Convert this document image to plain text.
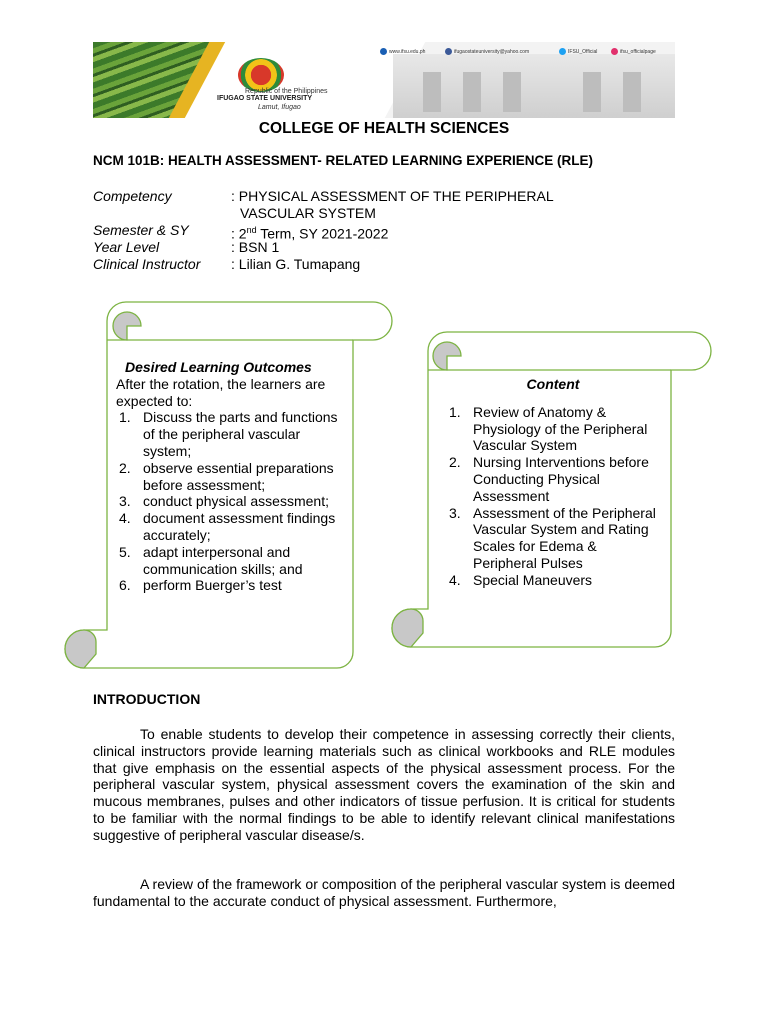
Republic of the Philippines
IFUGAO STATE UNIVERSITY
Lamut, Ifugao
www.ifsu.edu.ph	ifugaostateuniversity@yahoo.com	IFSU_Official	ifsu_officialpage
COLLEGE OF HEALTH SCIENCES
NCM 101B: HEALTH ASSESSMENT- RELATED LEARNING EXPERIENCE (RLE)
Competency	: PHYSICAL ASSESSMENT OF THE PERIPHERAL
VASCULAR SYSTEM
Semester & SY	: 2nd Term, SY 2021-2022
Year Level	: BSN 1
Clinical Instructor : Lilian G. Tumapang
Desired Learning Outcomes
After the rotation, the learners are expected to:
1. Discuss the parts and functions of the peripheral vascular system;
2. observe essential preparations before assessment;
3. conduct physical assessment;
4. document assessment findings accurately;
5. adapt interpersonal and communication skills; and
6. perform Buerger’s test
Content
1. Review of Anatomy & Physiology of the Peripheral Vascular System
2. Nursing Interventions before Conducting Physical Assessment
3. Assessment of the Peripheral Vascular System and Rating Scales for Edema & Peripheral Pulses
4. Special Maneuvers
INTRODUCTION
To enable students to develop their competence in assessing correctly their clients, clinical instructors provide learning materials such as clinical workbooks and RLE modules that give emphasis on the essential aspects of the physical assessment process. For the peripheral vascular system, physical assessment covers the examination of the skin and mucous membranes, pulses and other indicators of tissue perfusion. It is critical for students to be familiar with the normal findings to be able to identify relevant clinical manifestations suggestive of peripheral vascular disease/s.
A review of the framework or composition of the peripheral vascular system is deemed fundamental to the accurate conduct of physical assessment. Furthermore,
